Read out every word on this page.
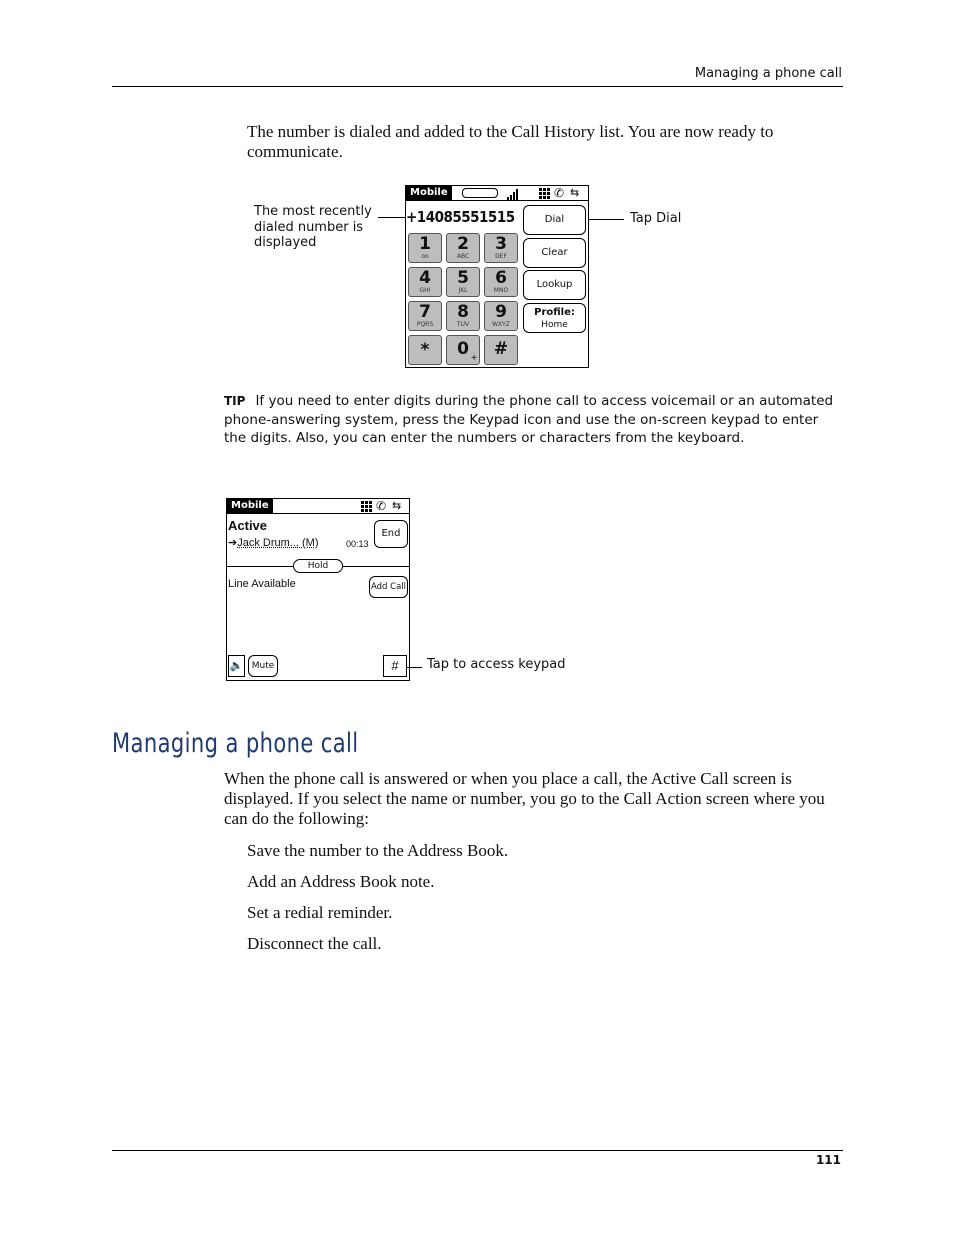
Managing a phone call
The number is dialed and added to the Call History list. You are now ready to communicate.
The most recently dialed number is displayed
Tap Dial
Mobile	✆ ⇆
+14085551515
1
oo
2
ABC
3
DEF
4
GHI
5
JKL
6
MNO
7
PQRS
8
TUV
9
WXYZ
*	0 + #
Dial
Clear
Lookup
Profile:
Home
TIP If you need to enter digits during the phone call to access voicemail or an automated phone-answering system, press the Keypad icon and use the on-screen keypad to enter the digits. Also, you can enter the numbers or characters from the keyboard.
Mobile	✆ ⇆
Active
➔Jack Drum... (M)	00:13
End
Hold
Line Available	Add Call
🔈 Mute	#	Tap to access keypad
Managing a phone call
When the phone call is answered or when you place a call, the Active Call screen is displayed. If you select the name or number, you go to the Call Action screen where you can do the following:
Save the number to the Address Book.
Add an Address Book note.
Set a redial reminder.
Disconnect the call.
111
